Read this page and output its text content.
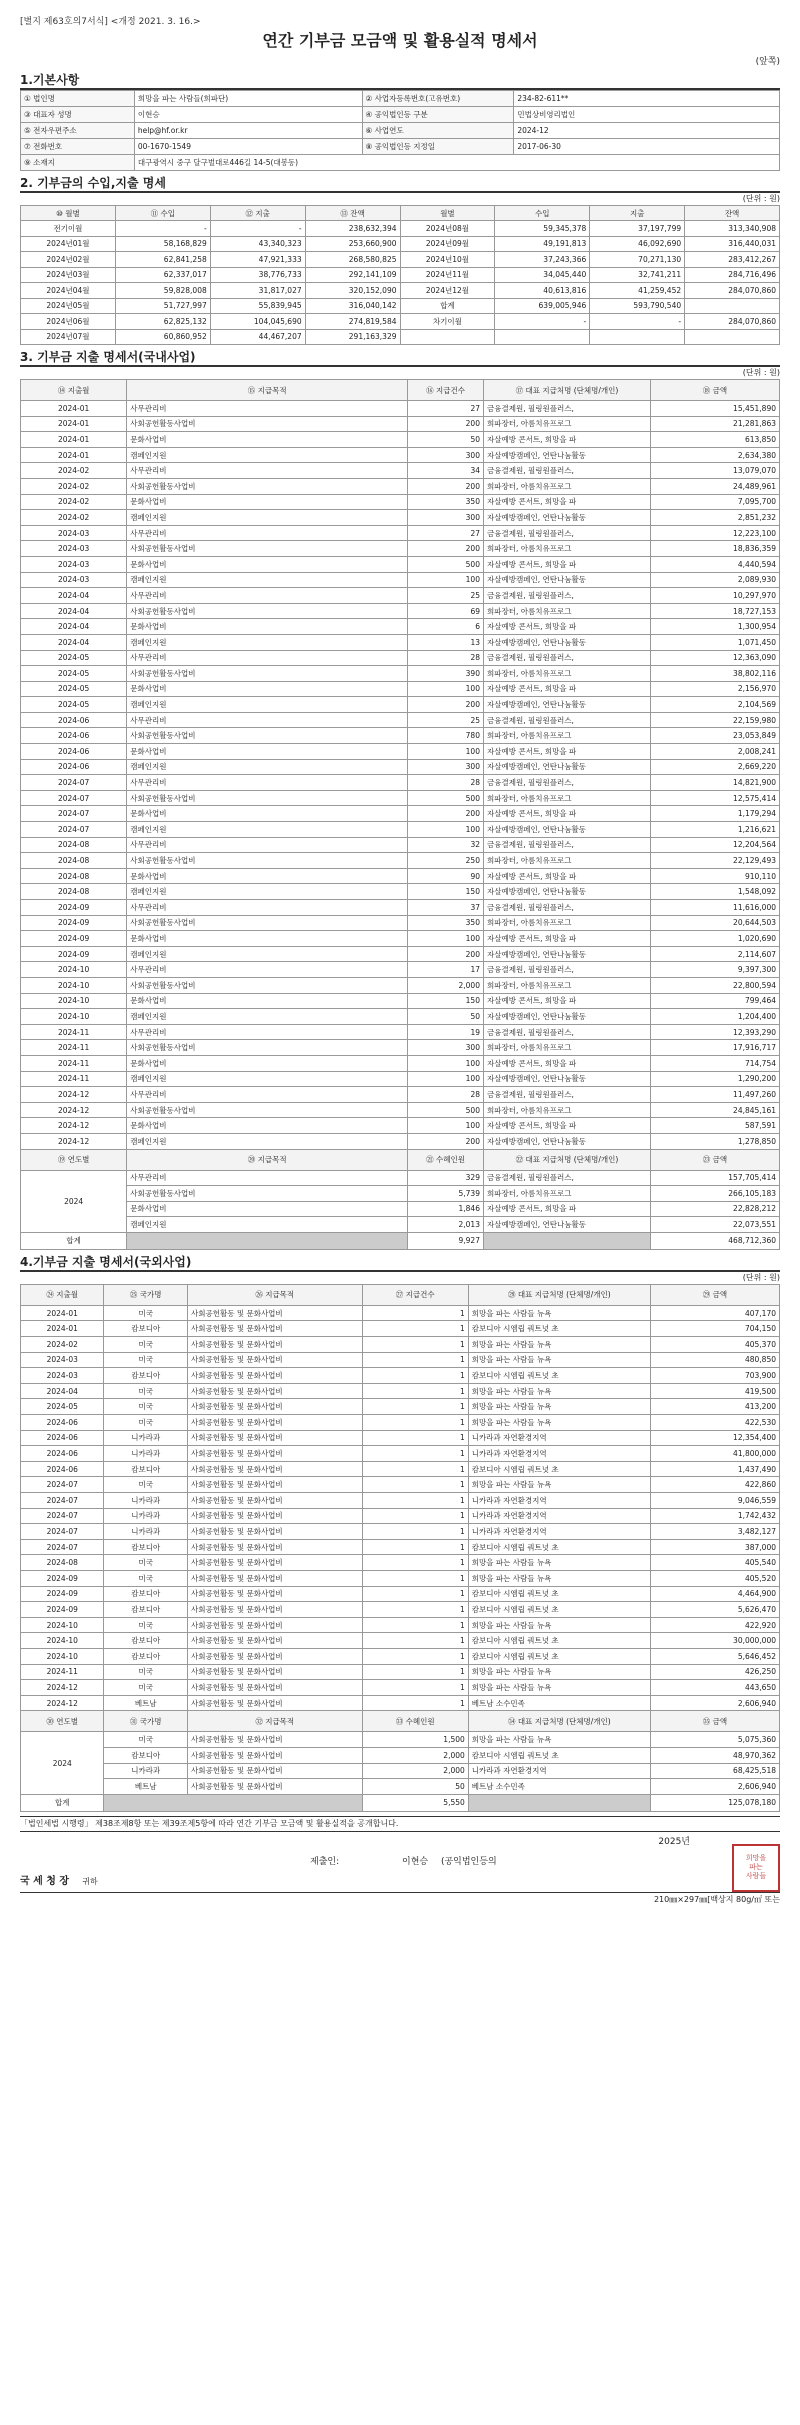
[별지 제63호의7서식] <개정 2021. 3. 16.>
연간 기부금 모금액 및 활용실적 명세서
(앞쪽)
1.기본사항
① 법인명	희망을 파는 사람들(희파단)	② 사업자등록번호(고유번호)	234-82-611**
③ 대표자 성명	이현승	④ 공익법인등 구분	민법상비영리법인
⑤ 전자우편주소	help@hf.or.kr	⑥ 사업연도	2024-12
⑦ 전화번호	00-1670-1549	⑧ 공익법인등 지정일	2017-06-30
⑨ 소재지	대구광역시 중구 달구벌대로446길 14-5(대봉동)		
2. 기부금의 수입,지출 명세
(단위 : 원)
⑩ 월별	⑪ 수입	⑫ 지출	⑬ 잔액	월별	수입	지출	잔액
전기이월	-	-	238,632,394	2024년08월	59,345,378	37,197,799	313,340,908
2024년01월	58,168,829	43,340,323	253,660,900	2024년09월	49,191,813	46,092,690	316,440,031
2024년02월	62,841,258	47,921,333	268,580,825	2024년10월	37,243,366	70,271,130	283,412,267
2024년03월	62,337,017	38,776,733	292,141,109	2024년11월	34,045,440	32,741,211	284,716,496
2024년04월	59,828,008	31,817,027	320,152,090	2024년12월	40,613,816	41,259,452	284,070,860
2024년05월	51,727,997	55,839,945	316,040,142	합계	639,005,946	593,790,540	
2024년06월	62,825,132	104,045,690	274,819,584	차기이월	-	-	284,070,860
2024년07월	60,860,952	44,467,207	291,163,329				
3. 기부금 지출 명세서(국내사업)
(단위 : 원)
⑭ 지출월	⑮ 지급목적	⑯ 지급건수	⑰ 대표 지급처명 (단체명/개인)	⑱ 금액
2024-01	사무관리비	27	금융결제원, 필링원플러스,	15,451,890
2024-01	사회공헌활동사업비	200	희파장터, 아름치유프로그	21,281,863
2024-01	문화사업비	50	자살예방 콘서트, 희망을 파	613,850
2024-01	캠페인지원	300	자살예방캠페인, 연탄나눔활동	2,634,380
2024-02	사무관리비	34	금융결제원, 필링원플러스,	13,079,070
2024-02	사회공헌활동사업비	200	희파장터, 아름치유프로그	24,489,961
2024-02	문화사업비	350	자살예방 콘서트, 희망을 파	7,095,700
2024-02	캠페인지원	300	자살예방캠페인, 연탄나눔활동	2,851,232
2024-03	사무관리비	27	금융결제원, 필링원플러스,	12,223,100
2024-03	사회공헌활동사업비	200	희파장터, 아름치유프로그	18,836,359
2024-03	문화사업비	500	자살예방 콘서트, 희망을 파	4,440,594
2024-03	캠페인지원	100	자살예방캠페인, 연탄나눔활동	2,089,930
2024-04	사무관리비	25	금융결제원, 필링원플러스,	10,297,970
2024-04	사회공헌활동사업비	69	희파장터, 아름치유프로그	18,727,153
2024-04	문화사업비	6	자살예방 콘서트, 희망을 파	1,300,954
2024-04	캠페인지원	13	자살예방캠페인, 연탄나눔활동	1,071,450
2024-05	사무관리비	28	금융결제원, 필링원플러스,	12,363,090
2024-05	사회공헌활동사업비	390	희파장터, 아름치유프로그	38,802,116
2024-05	문화사업비	100	자살예방 콘서트, 희망을 파	2,156,970
2024-05	캠페인지원	200	자살예방캠페인, 연탄나눔활동	2,104,569
2024-06	사무관리비	25	금융결제원, 필링원플러스,	22,159,980
2024-06	사회공헌활동사업비	780	희파장터, 아름치유프로그	23,053,849
2024-06	문화사업비	100	자살예방 콘서트, 희망을 파	2,008,241
2024-06	캠페인지원	300	자살예방캠페인, 연탄나눔활동	2,669,220
2024-07	사무관리비	28	금융결제원, 필링원플러스,	14,821,900
2024-07	사회공헌활동사업비	500	희파장터, 아름치유프로그	12,575,414
2024-07	문화사업비	200	자살예방 콘서트, 희망을 파	1,179,294
2024-07	캠페인지원	100	자살예방캠페인, 연탄나눔활동	1,216,621
2024-08	사무관리비	32	금융결제원, 필링원플러스,	12,204,564
2024-08	사회공헌활동사업비	250	희파장터, 아름치유프로그	22,129,493
2024-08	문화사업비	90	자살예방 콘서트, 희망을 파	910,110
2024-08	캠페인지원	150	자살예방캠페인, 연탄나눔활동	1,548,092
2024-09	사무관리비	37	금융결제원, 필링원플러스,	11,616,000
2024-09	사회공헌활동사업비	350	희파장터, 아름치유프로그	20,644,503
2024-09	문화사업비	100	자살예방 콘서트, 희망을 파	1,020,690
2024-09	캠페인지원	200	자살예방캠페인, 연탄나눔활동	2,114,607
2024-10	사무관리비	17	금융결제원, 필링원플러스,	9,397,300
2024-10	사회공헌활동사업비	2,000	희파장터, 아름치유프로그	22,800,594
2024-10	문화사업비	150	자살예방 콘서트, 희망을 파	799,464
2024-10	캠페인지원	50	자살예방캠페인, 연탄나눔활동	1,204,400
2024-11	사무관리비	19	금융결제원, 필링원플러스,	12,393,290
2024-11	사회공헌활동사업비	300	희파장터, 아름치유프로그	17,916,717
2024-11	문화사업비	100	자살예방 콘서트, 희망을 파	714,754
2024-11	캠페인지원	100	자살예방캠페인, 연탄나눔활동	1,290,200
2024-12	사무관리비	28	금융결제원, 필링원플러스,	11,497,260
2024-12	사회공헌활동사업비	500	희파장터, 아름치유프로그	24,845,161
2024-12	문화사업비	100	자살예방 콘서트, 희망을 파	587,591
2024-12	캠페인지원	200	자살예방캠페인, 연탄나눔활동	1,278,850
⑲ 연도별	⑳ 지급목적	㉑ 수혜인원	㉒ 대표 지급처명 (단체명/개인)	㉓ 금액
2024	사무관리비	329	금융결제원, 필링원플러스,	157,705,414
	사회공헌활동사업비	5,739	희파장터, 아름치유프로그	266,105,183
	문화사업비	1,846	자살예방 콘서트, 희망을 파	22,828,212
	캠페인지원	2,013	자살예방캠페인, 연탄나눔활동	22,073,551
합계		9,927		468,712,360
4.기부금 지출 명세서(국외사업)
(단위 : 원)
㉔ 지출월	㉕ 국가명	㉖ 지급목적	㉗ 지급건수	㉘ 대표 지급처명 (단체명/개인)	㉙ 금액
2024-01	미국	사회공헌활동 및 문화사업비	1	희망을 파는 사람들 뉴욕	407,170
2024-01	캄보디아	사회공헌활동 및 문화사업비	1	캄보디아 시엠립 쿼트넛 초	704,150
2024-02	미국	사회공헌활동 및 문화사업비	1	희망을 파는 사람들 뉴욕	405,370
2024-03	미국	사회공헌활동 및 문화사업비	1	희망을 파는 사람들 뉴욕	480,850
2024-03	캄보디아	사회공헌활동 및 문화사업비	1	캄보디아 시엠립 쿼트넛 초	703,900
2024-04	미국	사회공헌활동 및 문화사업비	1	희망을 파는 사람들 뉴욕	419,500
2024-05	미국	사회공헌활동 및 문화사업비	1	희망을 파는 사람들 뉴욕	413,200
2024-06	미국	사회공헌활동 및 문화사업비	1	희망을 파는 사람들 뉴욕	422,530
2024-06	니카라과	사회공헌활동 및 문화사업비	1	니카라과 자연환경지역	12,354,400
2024-06	니카라과	사회공헌활동 및 문화사업비	1	니카라과 자연환경지역	41,800,000
2024-06	캄보디아	사회공헌활동 및 문화사업비	1	캄보디아 시엠립 쿼트넛 초	1,437,490
2024-07	미국	사회공헌활동 및 문화사업비	1	희망을 파는 사람들 뉴욕	422,860
2024-07	니카라과	사회공헌활동 및 문화사업비	1	니카라과 자연환경지역	9,046,559
2024-07	니카라과	사회공헌활동 및 문화사업비	1	니카라과 자연환경지역	1,742,432
2024-07	니카라과	사회공헌활동 및 문화사업비	1	니카라과 자연환경지역	3,482,127
2024-07	캄보디아	사회공헌활동 및 문화사업비	1	캄보디아 시엠립 쿼트넛 초	387,000
2024-08	미국	사회공헌활동 및 문화사업비	1	희망을 파는 사람들 뉴욕	405,540
2024-09	미국	사회공헌활동 및 문화사업비	1	희망을 파는 사람들 뉴욕	405,520
2024-09	캄보디아	사회공헌활동 및 문화사업비	1	캄보디아 시엠립 쿼트넛 초	4,464,900
2024-09	캄보디아	사회공헌활동 및 문화사업비	1	캄보디아 시엠립 쿼트넛 초	5,626,470
2024-10	미국	사회공헌활동 및 문화사업비	1	희망을 파는 사람들 뉴욕	422,920
2024-10	캄보디아	사회공헌활동 및 문화사업비	1	캄보디아 시엠립 쿼트넛 초	30,000,000
2024-10	캄보디아	사회공헌활동 및 문화사업비	1	캄보디아 시엠립 쿼트넛 초	5,646,452
2024-11	미국	사회공헌활동 및 문화사업비	1	희망을 파는 사람들 뉴욕	426,250
2024-12	미국	사회공헌활동 및 문화사업비	1	희망을 파는 사람들 뉴욕	443,650
2024-12	베트남	사회공헌활동 및 문화사업비	1	베트남 소수민족	2,606,940
㉚ 연도별	㉛ 국가명	㉜ 지급목적	㉝ 수혜인원	㉞ 대표 지급처명 (단체명/개인)	㉟ 금액
2024	미국	사회공헌활동 및 문화사업비	1,500	희망을 파는 사람들 뉴욕	5,075,360
	캄보디아	사회공헌활동 및 문화사업비	2,000	캄보디아 시엠립 쿼트넛 초	48,970,362
	니카라과	사회공헌활동 및 문화사업비	2,000	니카라과 자연환경지역	68,425,518
	베트남	사회공헌활동 및 문화사업비	50	베트남 소수민족	2,606,940
합계			5,550		125,078,180
「법인세법 시행령」 제38조제8항 또는 제39조제5항에 따라 연간 기부금 모금액 및 활용실적을 공개합니다.
2025년
제출인:	이현승 (공익법인등의	희망을
파는
사람들
국 세 청 장 귀하
210㎜×297㎜[백상지 80g/㎡ 또는
